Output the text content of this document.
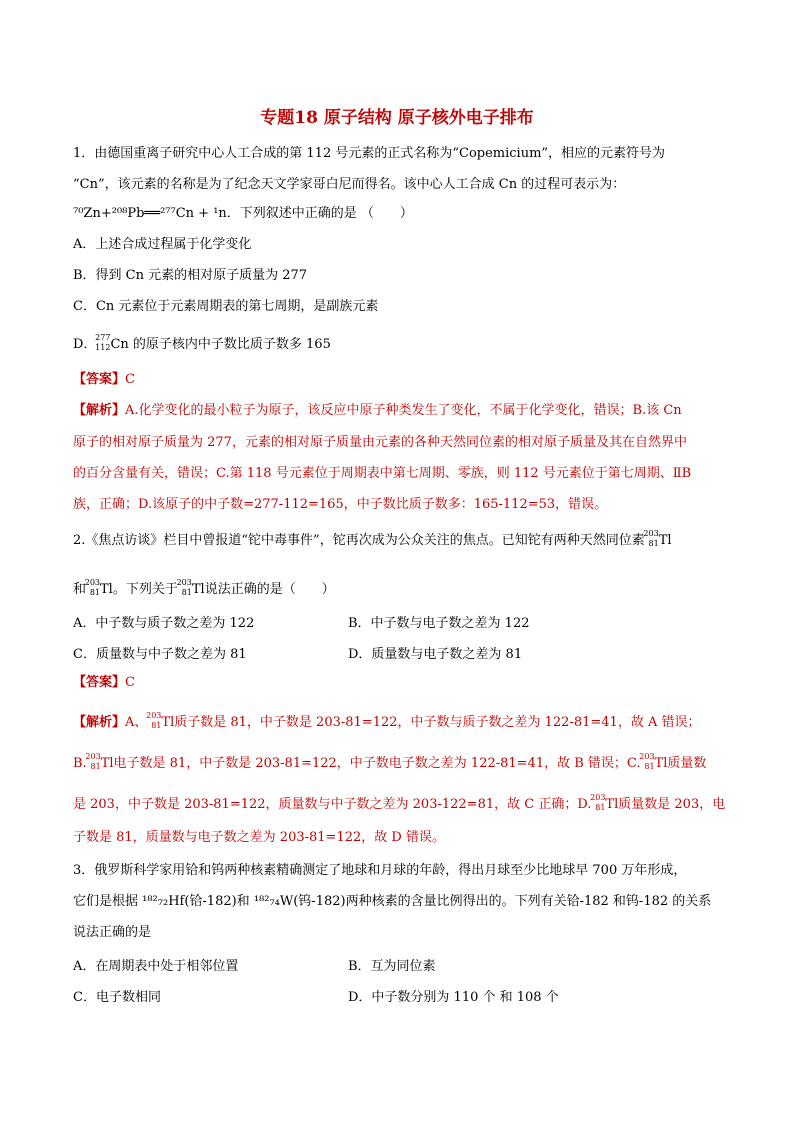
专题18 原子结构 原子核外电子排布
1．由德国重离子研究中心人工合成的第 112 号元素的正式名称为“Copemicium”，相应的元素符号为
“Cn”，该元素的名称是为了纪念天文学家哥白尼而得名。该中心人工合成 Cn 的过程可表示为：
⁷⁰Zn+²⁰⁸Pb══²⁷⁷Cn + ¹n．下列叙述中正确的是 （　　）
A．上述合成过程属于化学变化
B．得到 Cn 元素的相对原子质量为 277
C．Cn 元素位于元素周期表的第七周期，是副族元素
D．
277
112 Cn 的原子核内中子数比质子数多 165
【答案】C
【解析】A.化学变化的最小粒子为原子，该反应中原子种类发生了变化，不属于化学变化，错误；B.该 Cn
原子的相对原子质量为 277，元素的相对原子质量由元素的各种天然同位素的相对原子质量及其在自然界中
的百分含量有关，错误；C.第 118 号元素位于周期表中第七周期、零族，则 112 号元素位于第七周期、ⅡB
族，正确；D.该原子的中子数=277-112=165，中子数比质子数多：165-112=53，错误。
2.《焦点访谈》栏目中曾报道“铊中毒事件”，铊再次成为公众关注的焦点。已知铊有两种天然同位素
203
81 Tl
和
203
81 Tl。下列关于
203
81 Tl说法正确的是（　　）
A．中子数与质子数之差为 122	B．中子数与电子数之差为 122
C．质量数与中子数之差为 81	D．质量数与电子数之差为 81
【答案】C
【解析】A、
203
81 Tl质子数是 81，中子数是 203-81=122，中子数与质子数之差为 122-81=41，故 A 错误；
B.
203
81 Tl电子数是 81，中子数是 203-81=122，中子数电子数之差为 122-81=41，故 B 错误；C.
203
81 Tl质量数
是 203，中子数是 203-81=122，质量数与中子数之差为 203-122=81，故 C 正确；D.
203
81 Tl质量数是 203，电
子数是 81，质量数与电子数之差为 203-81=122，故 D 错误。
3．俄罗斯科学家用铪和钨两种核素精确测定了地球和月球的年龄，得出月球至少比地球早 700 万年形成，
它们是根据 ¹⁸²₇₂Hf(铪-182)和 ¹⁸²₇₄W(钨-182)两种核素的含量比例得出的。下列有关铪-182 和钨-182 的关系
说法正确的是
A．在周期表中处于相邻位置	B．互为同位素
C．电子数相同	D．中子数分别为 110 个 和 108 个
